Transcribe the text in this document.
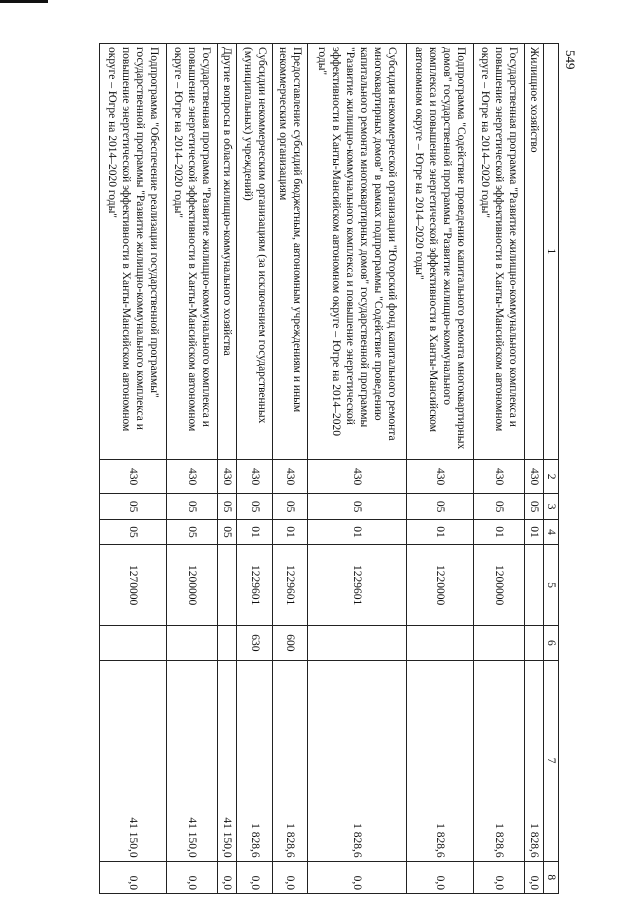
549
1	2	3	4	5	6	7	8
Жилищное хозяйство	430	05	01			1 828,6	0,0
Государственная программа "Развитие жилищно-коммунального комплекса и повышение энергетической эффективности в Ханты-Мансийском автономном округе – Югре на 2014–2020 годы"	430	05	01	1200000		1 828,6	0,0
Подпрограмма "Содействие проведению капитального ремонта многоквартирных домов" государственной программы "Развитие жилищно-коммунального комплекса и повышение энергетической эффективности в Ханты-Мансийском автономном округе – Югре на 2014–2020 годы"	430	05	01	1220000		1 828,6	0,0
Субсидия некоммерческой организации "Югорский фонд капитального ремонта многоквартирных домов" в рамках подпрограммы "Содействие проведению капитального ремонта многоквартирных домов" государственной программы "Развитие жилищно-коммунального комплекса и повышение энергетической эффективности в Ханты-Мансийском автономном округе – Югре на 2014–2020 годы"	430	05	01	1229601		1 828,6	0,0
Предоставление субсидий бюджетным, автономным учреждениям и иным некоммерческим организациям	430	05	01	1229601	600	1 828,6	0,0
Субсидии некоммерческим организациям (за исключением государственных (муниципальных) учреждений)	430	05	01	1229601	630	1 828,6	0,0
Другие вопросы в области жилищно-коммунального хозяйства	430	05	05			41 150,0	0,0
Государственная программа "Развитие жилищно-коммунального комплекса и повышение энергетической эффективности в Ханты-Мансийском автономном округе – Югре на 2014–2020 годы"	430	05	05	1200000		41 150,0	0,0
Подпрограмма "Обеспечение реализации государственной программы" государственной программы "Развитие жилищно-коммунального комплекса и повышение энергетической эффективности в Ханты-Мансийском автономном округе – Югре на 2014–2020 годы"	430	05	05	1270000		41 150,0	0,0
